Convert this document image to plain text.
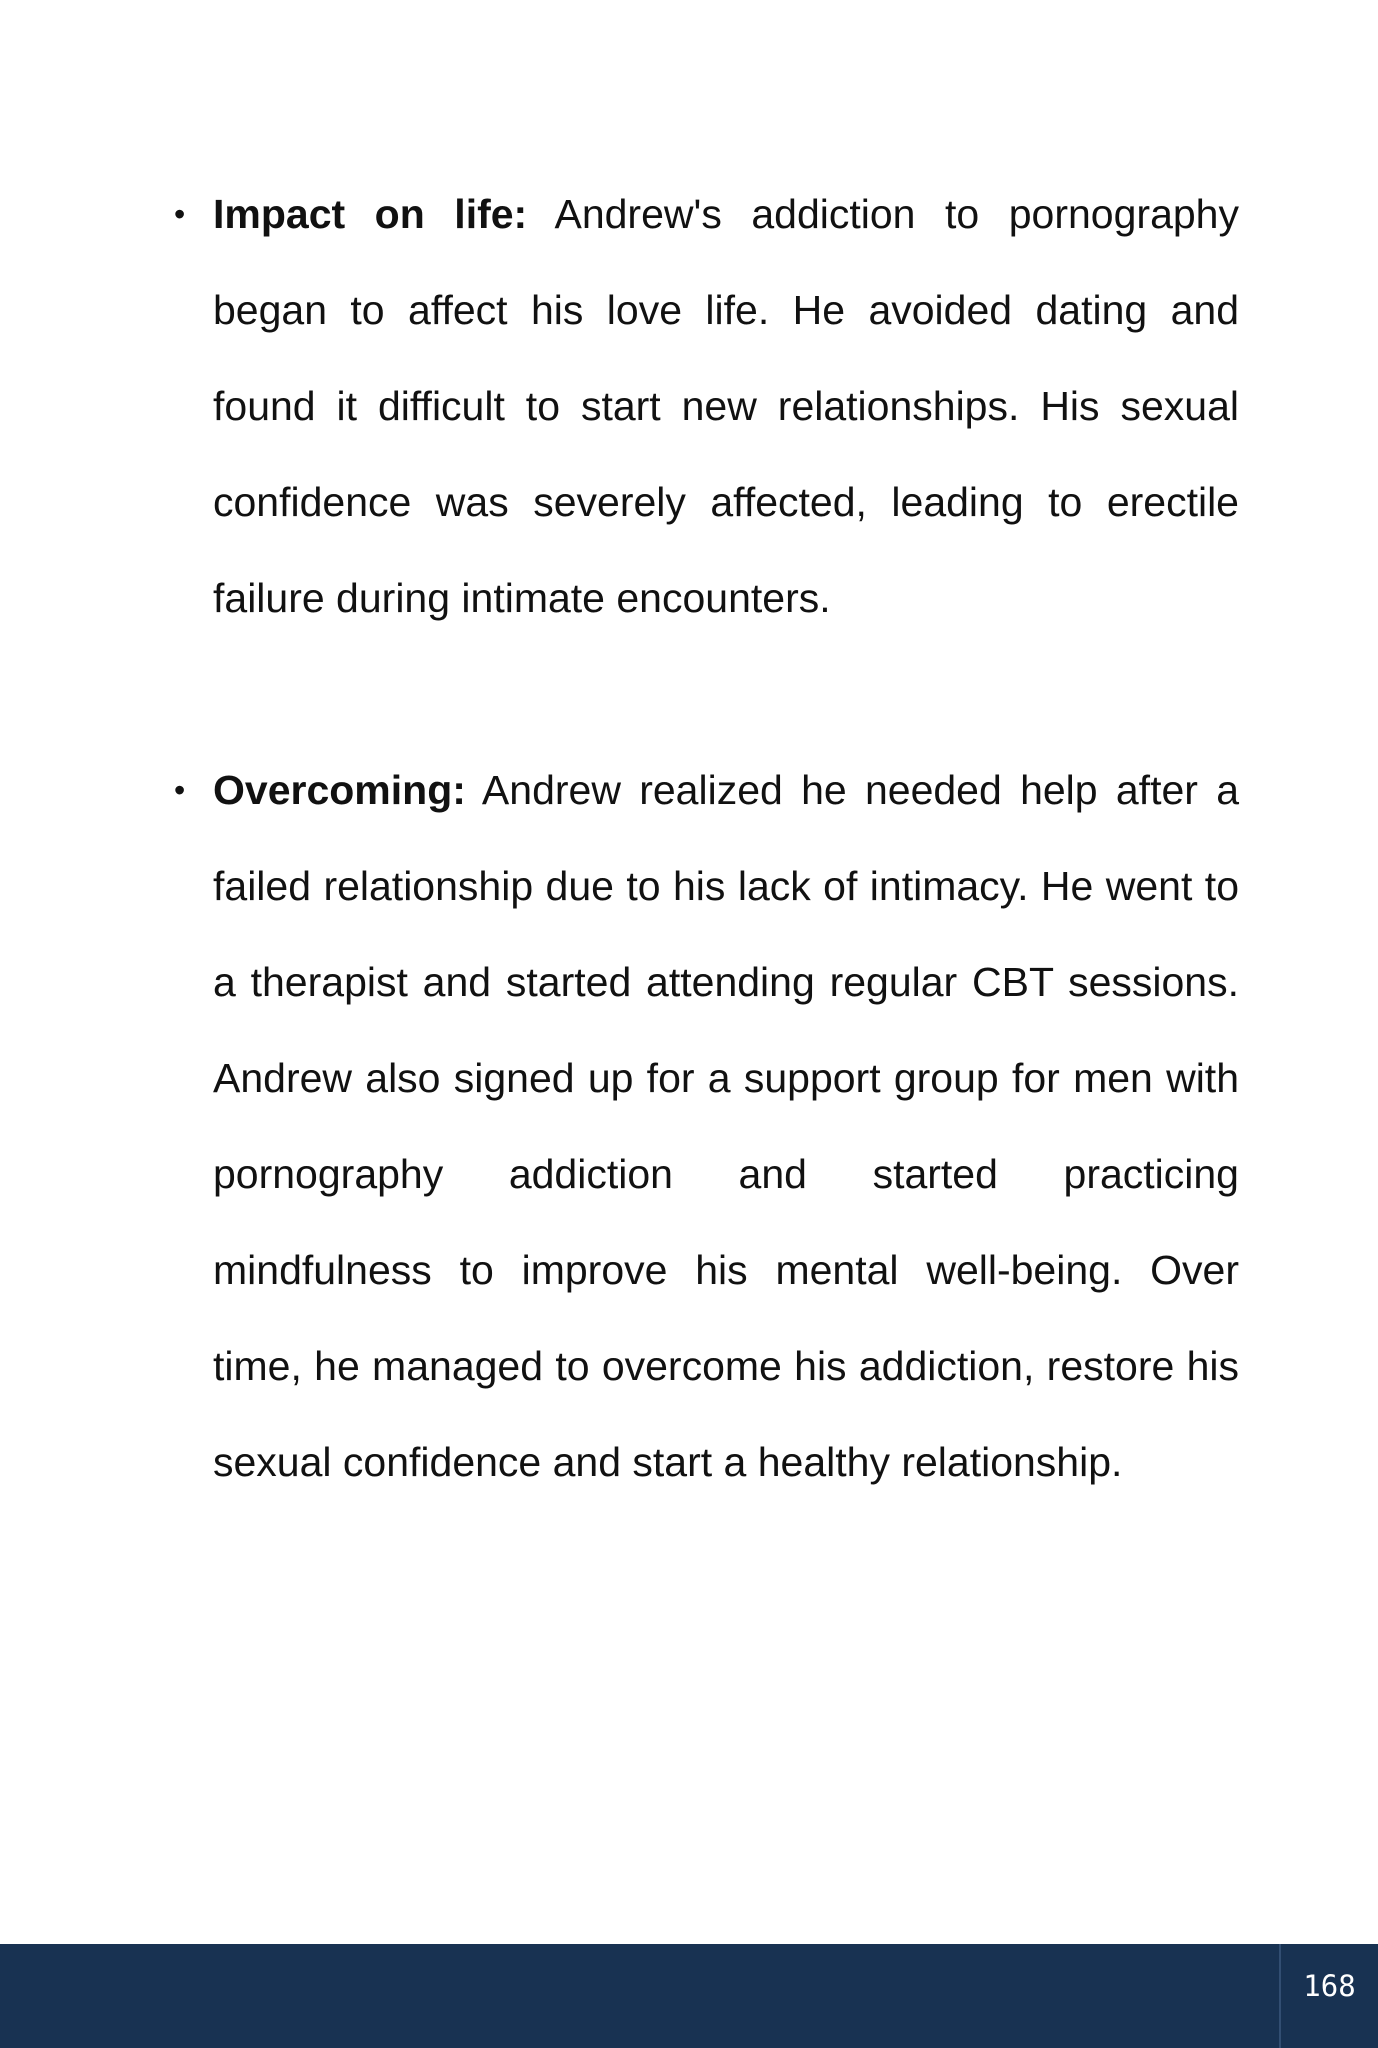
• Impact on life: Andrew's addiction to pornography began to affect his love life. He avoided dating and found it difficult to start new relationships. His sexual confidence was severely affected, leading to erectile failure during intimate encounters.
• Overcoming: Andrew realized he needed help after a failed relationship due to his lack of intimacy. He went to a therapist and started attending regular CBT sessions. Andrew also signed up for a support group for men with pornography addiction and started practicing mindfulness to improve his mental well-being. Over time, he managed to overcome his addiction, restore his sexual confidence and start a healthy relationship.
168
